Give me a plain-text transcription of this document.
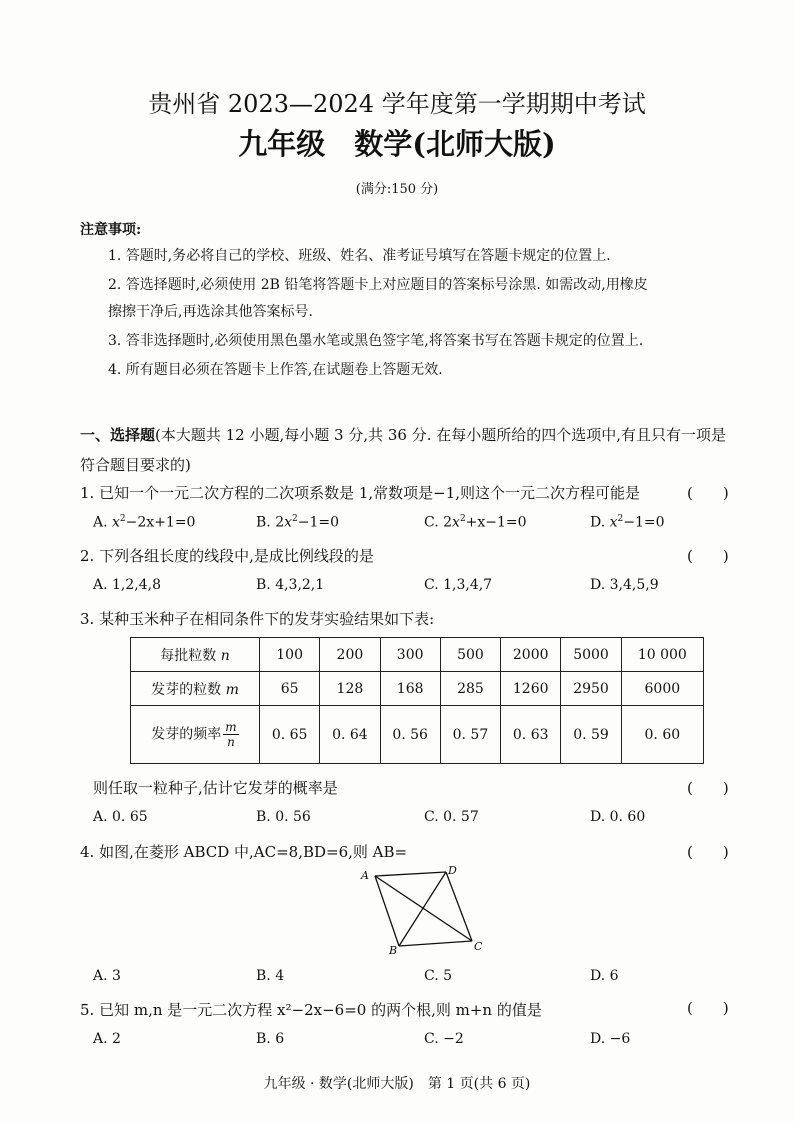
贵州省 2023—2024 学年度第一学期期中考试
九年级　数学(北师大版)
(满分:150 分)
注意事项:
1. 答题时,务必将自己的学校、班级、姓名、准考证号填写在答题卡规定的位置上.
2. 答选择题时,必须使用 2B 铅笔将答题卡上对应题目的答案标号涂黑. 如需改动,用橡皮
擦擦干净后,再选涂其他答案标号.
3. 答非选择题时,必须使用黑色墨水笔或黑色签字笔,将答案书写在答题卡规定的位置上.
4. 所有题目必须在答题卡上作答,在试题卷上答题无效.
一、选择题(本大题共 12 小题,每小题 3 分,共 36 分. 在每小题所给的四个选项中,有且只有一项是符合题目要求的)
1. 已知一个一元二次方程的二次项系数是 1,常数项是−1,则这个一元二次方程可能是	(　　)
A. $x^2-2x+1=0$	B. $2x^2-1=0$	C. $2x^2+x-1=0$	D. $x^2-1=0$
2. 下列各组长度的线段中,是成比例线段的是	(　　)
A. 1,2,4,8	B. 4,3,2,1	C. 1,3,4,7	D. 3,4,5,9
3. 某种玉米种子在相同条件下的发芽实验结果如下表:
每批粒数 n	100	200	300	500	2000	5000	10 000
发芽的粒数 m	65	128	168	285	1260	2950	6000
发芽的频率 $\frac{m}{n}$	0. 65	0. 64	0. 56	0. 57	0. 63	0. 59	0. 60
则任取一粒种子,估计它发芽的概率是	(　　)
A. 0. 65	B. 0. 56	C. 0. 57	D. 0. 60
4. 如图,在菱形 ABCD 中,AC=8,BD=6,则 AB=	(　　)
A	D
B	C
A. 3	B. 4	C. 5	D. 6
5. 已知 m,n 是一元二次方程 x²−2x−6=0 的两个根,则 m+n 的值是	(　　)
A. 2	B. 6	C. −2	D. −6
九年级 · 数学(北师大版)　第 1 页(共 6 页)
